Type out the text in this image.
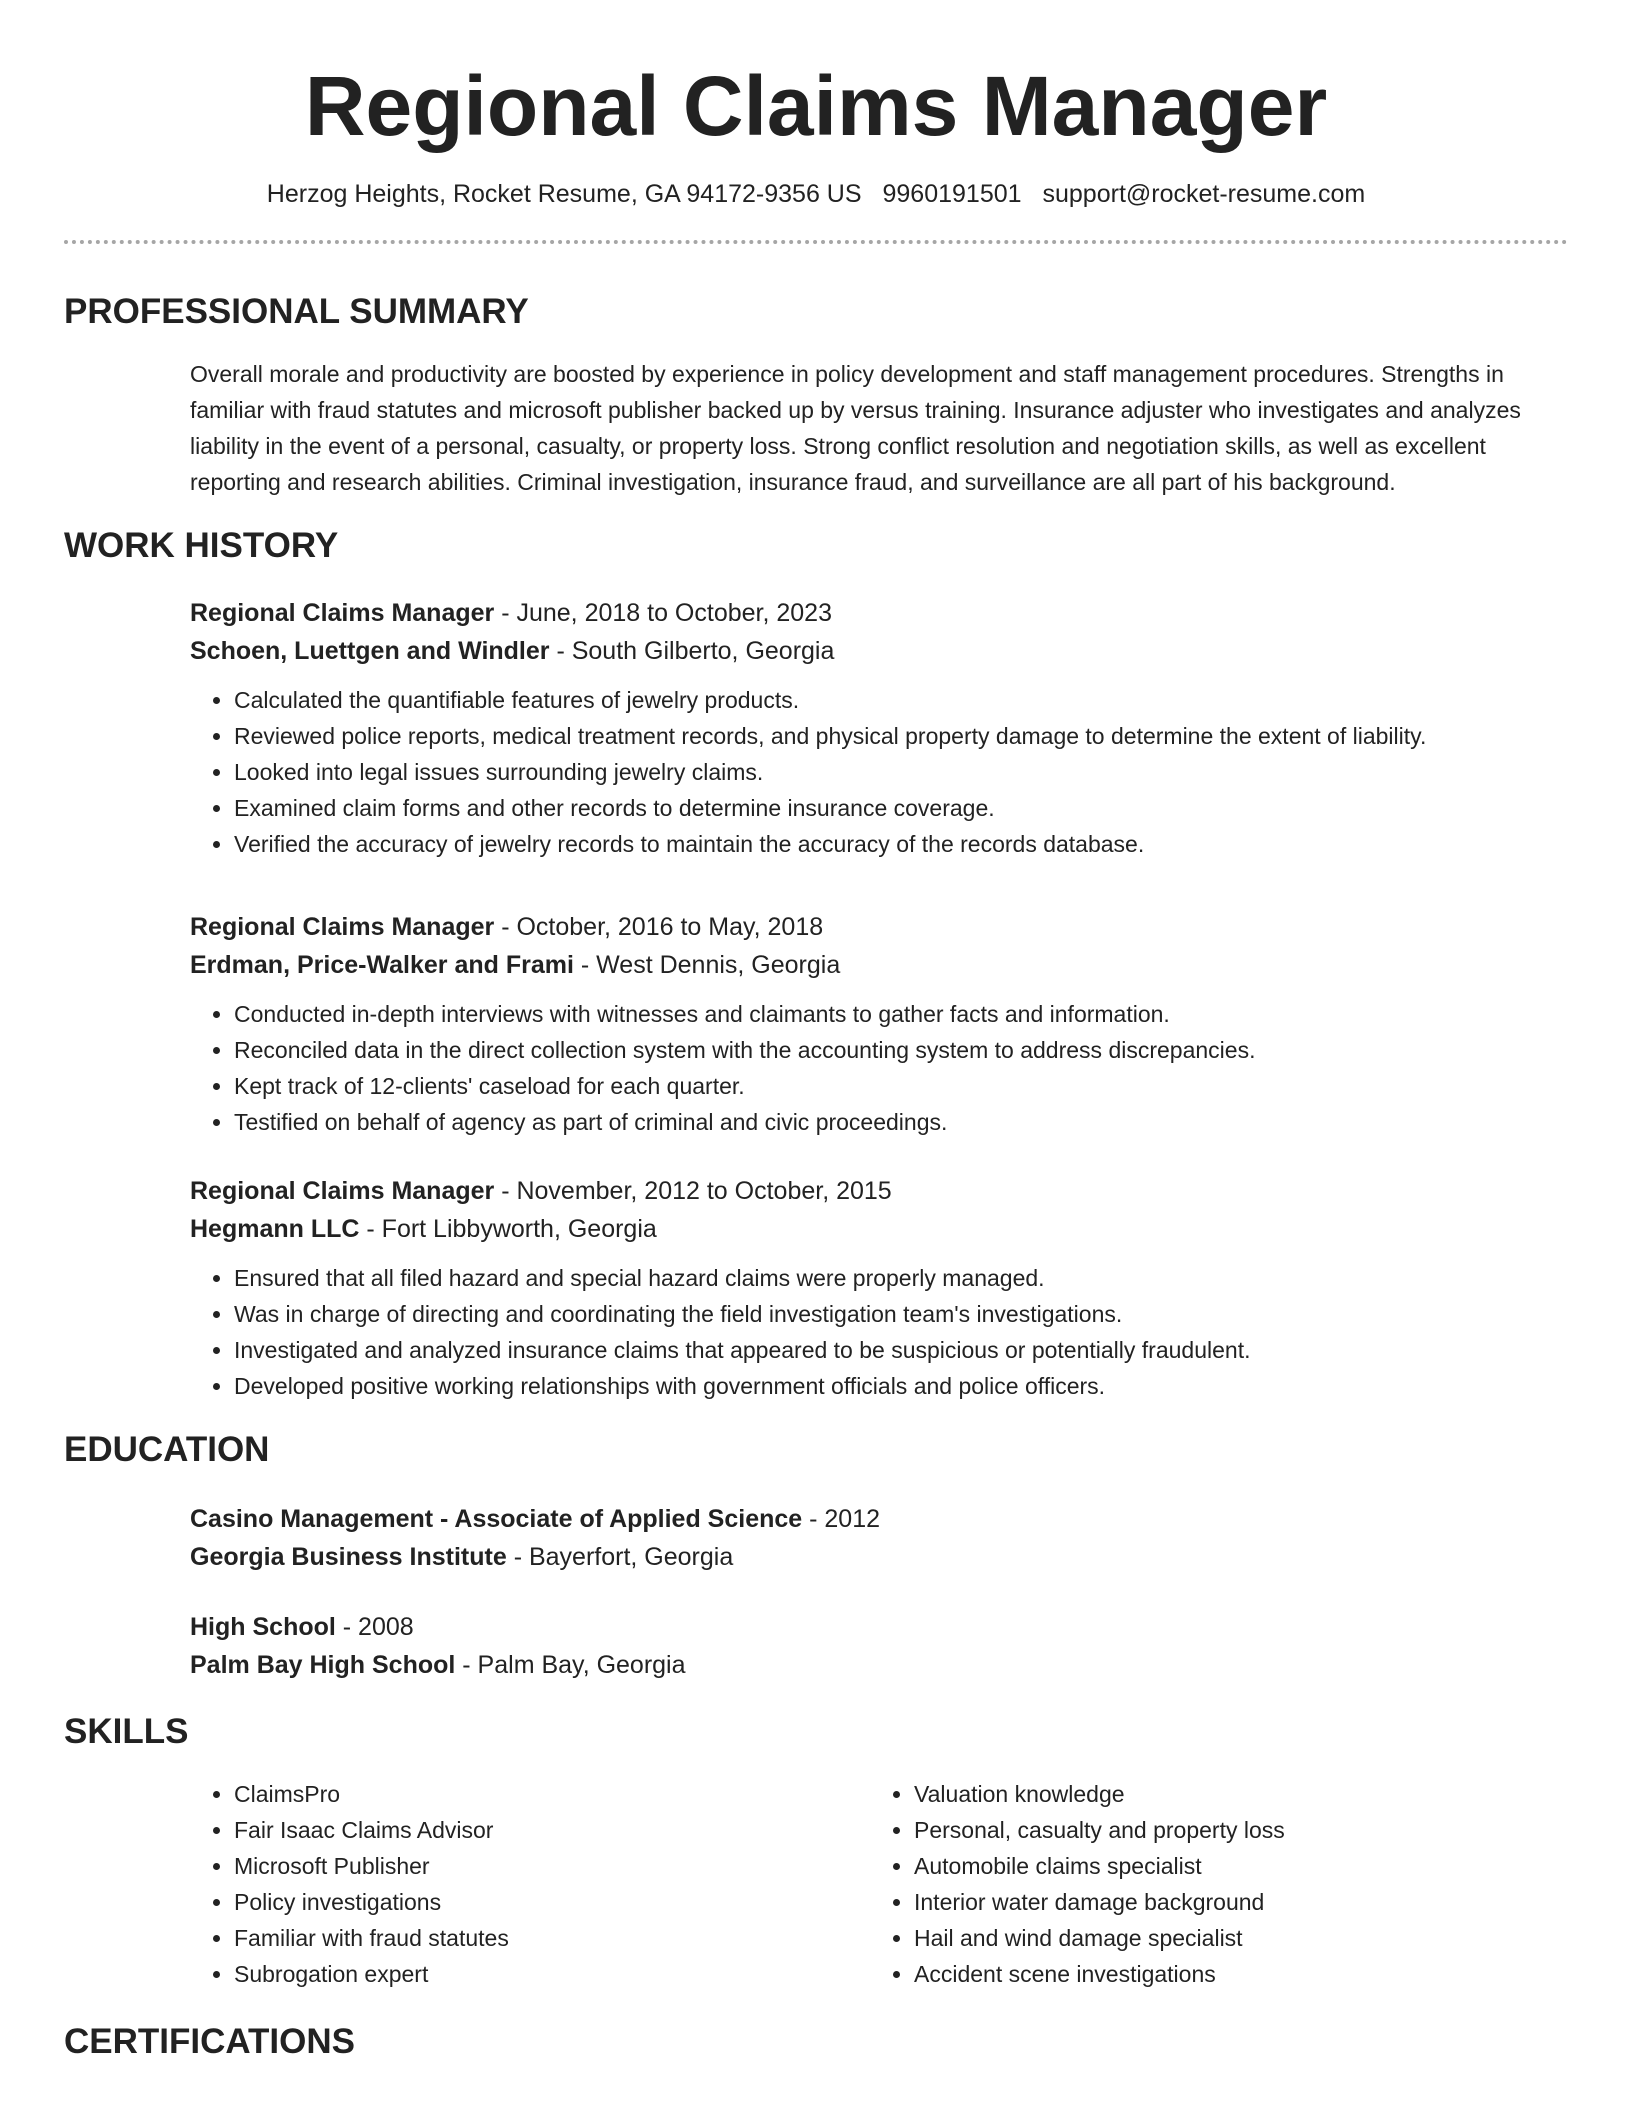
Regional Claims Manager
Herzog Heights, Rocket Resume, GA 94172-9356 US 9960191501 support@rocket-resume.com
PROFESSIONAL SUMMARY

Overall morale and productivity are boosted by experience in policy development and staff management procedures. Strengths in familiar with fraud statutes and microsoft publisher backed up by versus training. Insurance adjuster who investigates and analyzes liability in the event of a personal, casualty, or property loss. Strong conflict resolution and negotiation skills, as well as excellent reporting and research abilities. Criminal investigation, insurance fraud, and surveillance are all part of his background.

WORK HISTORY
Regional Claims Manager - June, 2018 to October, 2023
Schoen, Luettgen and Windler - South Gilberto, Georgia
• Calculated the quantifiable features of jewelry products.
• Reviewed police reports, medical treatment records, and physical property damage to determine the extent of liability.
• Looked into legal issues surrounding jewelry claims.
• Examined claim forms and other records to determine insurance coverage.
• Verified the accuracy of jewelry records to maintain the accuracy of the records database.
Regional Claims Manager - October, 2016 to May, 2018
Erdman, Price-Walker and Frami - West Dennis, Georgia
• Conducted in-depth interviews with witnesses and claimants to gather facts and information.
• Reconciled data in the direct collection system with the accounting system to address discrepancies.
• Kept track of 12-clients' caseload for each quarter.
• Testified on behalf of agency as part of criminal and civic proceedings.
Regional Claims Manager - November, 2012 to October, 2015
Hegmann LLC - Fort Libbyworth, Georgia
• Ensured that all filed hazard and special hazard claims were properly managed.
• Was in charge of directing and coordinating the field investigation team's investigations.
• Investigated and analyzed insurance claims that appeared to be suspicious or potentially fraudulent.
• Developed positive working relationships with government officials and police officers.
EDUCATION
Casino Management - Associate of Applied Science - 2012
Georgia Business Institute - Bayerfort, Georgia
High School - 2008
Palm Bay High School - Palm Bay, Georgia
SKILLS
• ClaimsPro
• Fair Isaac Claims Advisor
• Microsoft Publisher
• Policy investigations
• Familiar with fraud statutes
• Subrogation expert
• Valuation knowledge
• Personal, casualty and property loss
• Automobile claims specialist
• Interior water damage background
• Hail and wind damage specialist
• Accident scene investigations
CERTIFICATIONS
